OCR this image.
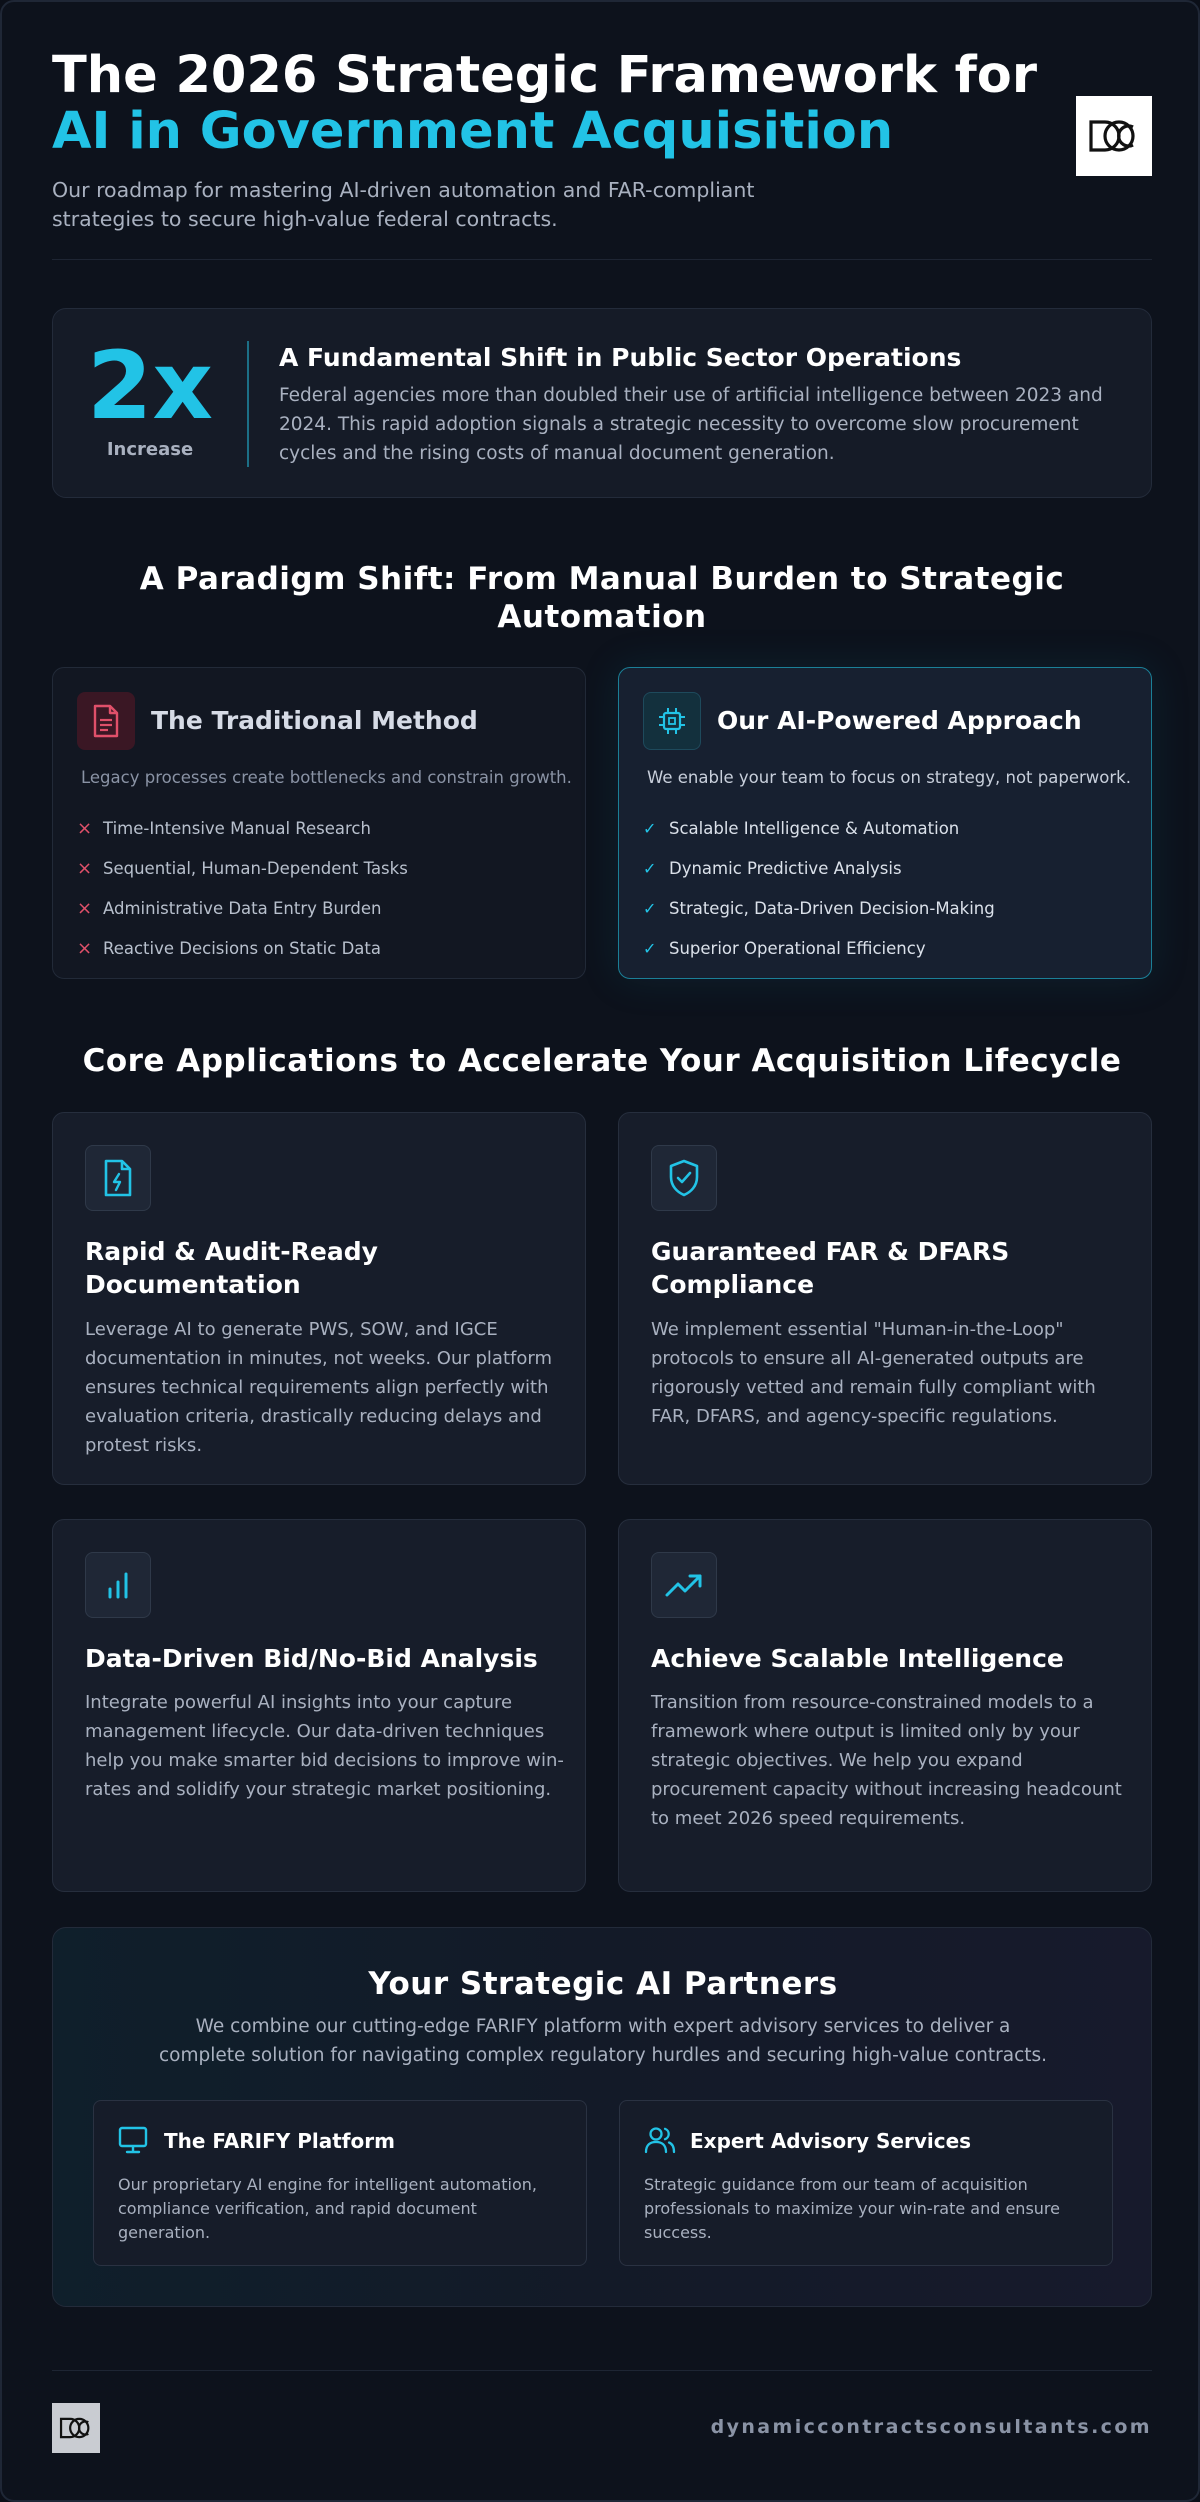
The 2026 Strategic Framework for
AI in Government Acquisition
Our roadmap for mastering AI-driven automation and FAR-compliant strategies to secure high-value federal contracts.
2x
Increase
A Fundamental Shift in Public Sector Operations
Federal agencies more than doubled their use of artificial intelligence between 2023 and 2024. This rapid adoption signals a strategic necessity to overcome slow procurement cycles and the rising costs of manual document generation.
A Paradigm Shift: From Manual Burden to Strategic
Automation
The Traditional Method
Legacy processes create bottlenecks and constrain growth.
× Time-Intensive Manual Research
× Sequential, Human-Dependent Tasks
× Administrative Data Entry Burden
× Reactive Decisions on Static Data
Our AI-Powered Approach
We enable your team to focus on strategy, not paperwork.
✓ Scalable Intelligence & Automation
✓ Dynamic Predictive Analysis
✓ Strategic, Data-Driven Decision-Making
✓ Superior Operational Efficiency
Core Applications to Accelerate Your Acquisition Lifecycle
Rapid & Audit-Ready
Documentation
Leverage AI to generate PWS, SOW, and IGCE documentation in minutes, not weeks. Our platform ensures technical requirements align perfectly with evaluation criteria, drastically reducing delays and protest risks.
Guaranteed FAR & DFARS
Compliance
We implement essential "Human-in-the-Loop" protocols to ensure all AI-generated outputs are rigorously vetted and remain fully compliant with FAR, DFARS, and agency-specific regulations.
Data-Driven Bid/No-Bid Analysis
Integrate powerful AI insights into your capture management lifecycle. Our data-driven techniques help you make smarter bid decisions to improve win-rates and solidify your strategic market positioning.
Achieve Scalable Intelligence
Transition from resource-constrained models to a framework where output is limited only by your strategic objectives. We help you expand procurement capacity without increasing headcount to meet 2026 speed requirements.
Your Strategic AI Partners
We combine our cutting-edge FARIFY platform with expert advisory services to deliver a complete solution for navigating complex regulatory hurdles and securing high-value contracts.
The FARIFY Platform
Our proprietary AI engine for intelligent automation, compliance verification, and rapid document generation.
Expert Advisory Services
Strategic guidance from our team of acquisition professionals to maximize your win-rate and ensure success.
dynamiccontractsconsultants.com
